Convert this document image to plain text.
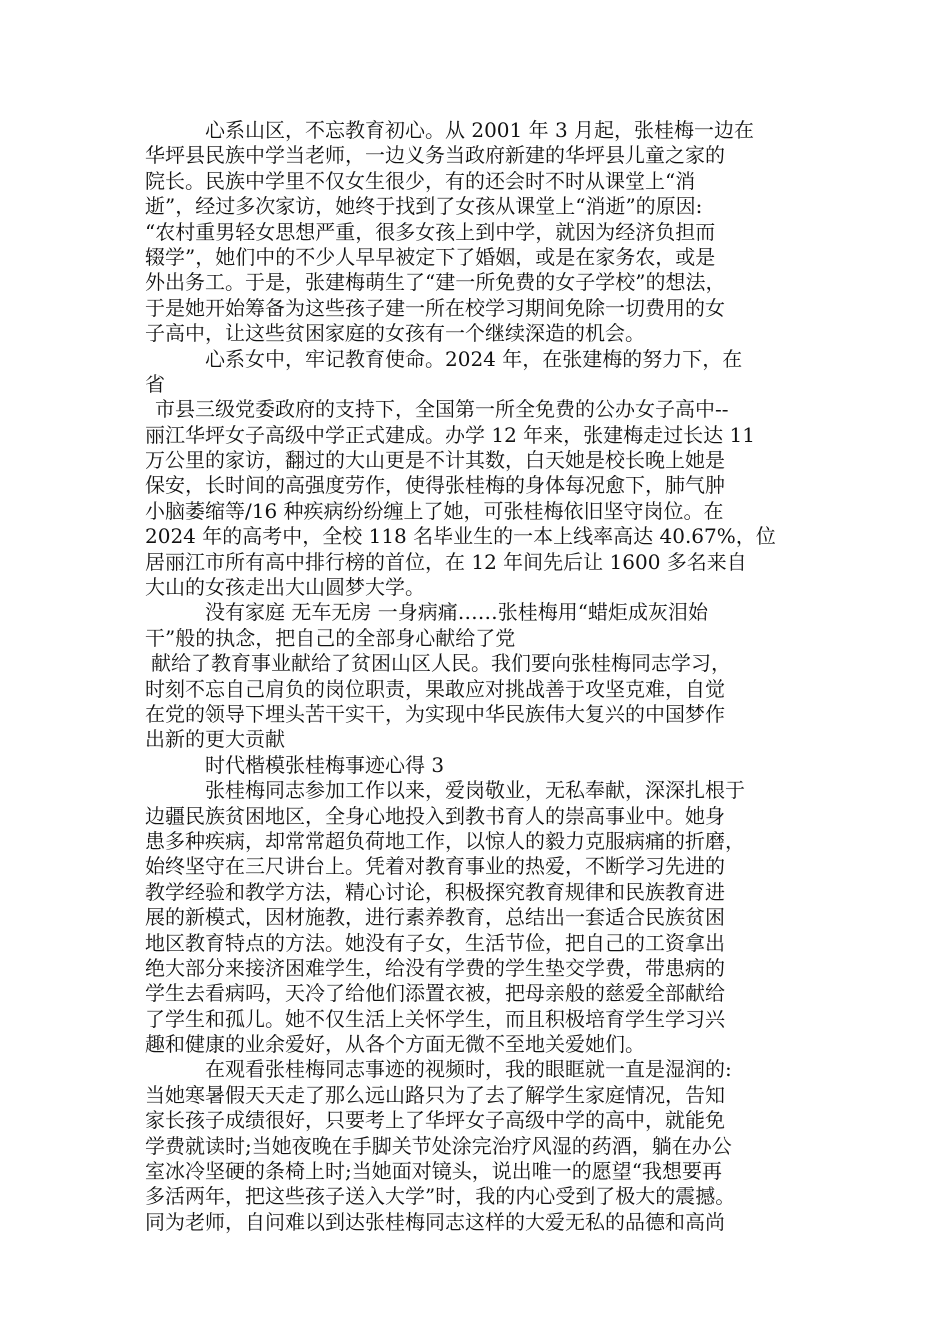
心系山区，不忘教育初心。从 2001 年 3 月起，张桂梅一边在
华坪县民族中学当老师，一边义务当政府新建的华坪县儿童之家的
院长。民族中学里不仅女生很少，有的还会时不时从课堂上“消
逝”，经过多次家访，她终于找到了女孩从课堂上“消逝”的原因:
“农村重男轻女思想严重，很多女孩上到中学，就因为经济负担而
辍学”，她们中的不少人早早被定下了婚姻，或是在家务农，或是
外出务工。于是，张建梅萌生了“建一所免费的女子学校”的想法，
于是她开始筹备为这些孩子建一所在校学习期间免除一切费用的女
子高中，让这些贫困家庭的女孩有一个继续深造的机会。
心系女中，牢记教育使命。2024 年，在张建梅的努力下，在
省
市县三级党委政府的支持下，全国第一所全免费的公办女子高中--
丽江华坪女子高级中学正式建成。办学 12 年来，张建梅走过长达 11
万公里的家访，翻过的大山更是不计其数，白天她是校长晚上她是
保安，长时间的高强度劳作，使得张桂梅的身体每况愈下，肺气肿
小脑萎缩等/16 种疾病纷纷缠上了她，可张桂梅依旧坚守岗位。在
2024 年的高考中，全校 118 名毕业生的一本上线率高达 40.67%，位
居丽江市所有高中排行榜的首位，在 12 年间先后让 1600 多名来自
大山的女孩走出大山圆梦大学。
没有家庭 无车无房 一身病痛……张桂梅用“蜡炬成灰泪始
干”般的执念，把自己的全部身心献给了党
献给了教育事业献给了贫困山区人民。我们要向张桂梅同志学习，
时刻不忘自己肩负的岗位职责，果敢应对挑战善于攻坚克难，自觉
在党的领导下埋头苦干实干，为实现中华民族伟大复兴的中国梦作
出新的更大贡献
时代楷模张桂梅事迹心得 3
张桂梅同志参加工作以来，爱岗敬业，无私奉献，深深扎根于
边疆民族贫困地区，全身心地投入到教书育人的崇高事业中。她身
患多种疾病，却常常超负荷地工作，以惊人的毅力克服病痛的折磨，
始终坚守在三尺讲台上。凭着对教育事业的热爱，不断学习先进的
教学经验和教学方法，精心讨论，积极探究教育规律和民族教育进
展的新模式，因材施教，进行素养教育，总结出一套适合民族贫困
地区教育特点的方法。她没有子女，生活节俭，把自己的工资拿出
绝大部分来接济困难学生，给没有学费的学生垫交学费，带患病的
学生去看病吗，天冷了给他们添置衣被，把母亲般的慈爱全部献给
了学生和孤儿。她不仅生活上关怀学生，而且积极培育学生学习兴
趣和健康的业余爱好，从各个方面无微不至地关爱她们。
在观看张桂梅同志事迹的视频时，我的眼眶就一直是湿润的:
当她寒暑假天天走了那么远山路只为了去了解学生家庭情况，告知
家长孩子成绩很好，只要考上了华坪女子高级中学的高中，就能免
学费就读时;当她夜晚在手脚关节处涂完治疗风湿的药酒，躺在办公
室冰冷坚硬的条椅上时;当她面对镜头，说出唯一的愿望“我想要再
多活两年，把这些孩子送入大学”时，我的内心受到了极大的震撼。
同为老师，自问难以到达张桂梅同志这样的大爱无私的品德和高尚
